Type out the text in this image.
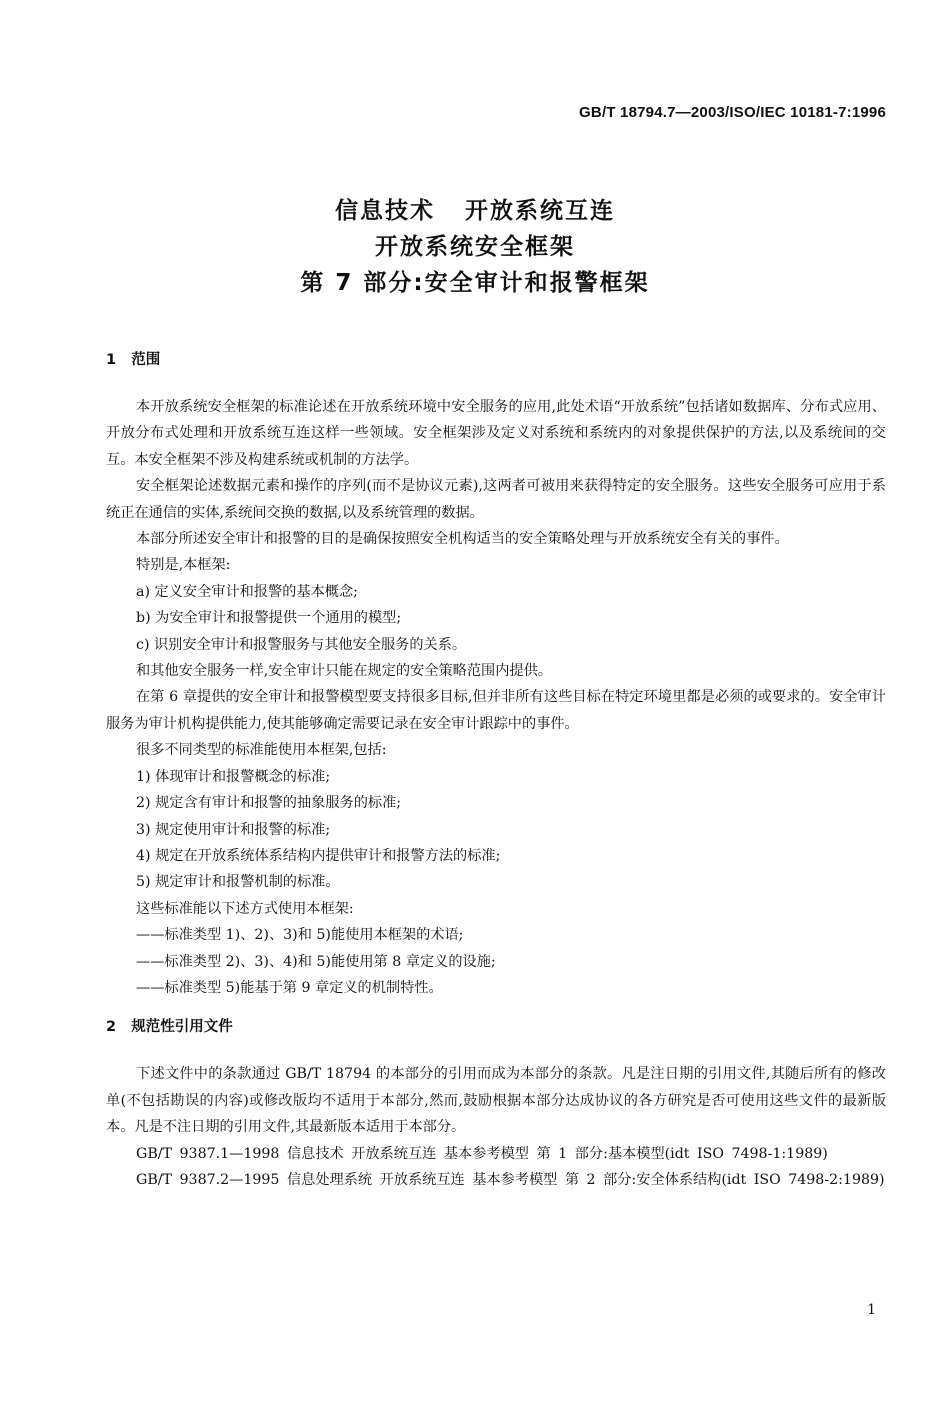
GB/T 18794.7—2003/ISO/IEC 10181-7:1996
信息技术   开放系统互连
开放系统安全框架
第 7 部分:安全审计和报警框架
1   范围
本开放系统安全框架的标准论述在开放系统环境中安全服务的应用,此处术语“开放系统”包括诸如数据库、分布式应用、开放分布式处理和开放系统互连这样一些领域。安全框架涉及定义对系统和系统内的对象提供保护的方法,以及系统间的交互。本安全框架不涉及构建系统或机制的方法学。
安全框架论述数据元素和操作的序列(而不是协议元素),这两者可被用来获得特定的安全服务。这些安全服务可应用于系统正在通信的实体,系统间交换的数据,以及系统管理的数据。
本部分所述安全审计和报警的目的是确保按照安全机构适当的安全策略处理与开放系统安全有关的事件。
特别是,本框架:
a) 定义安全审计和报警的基本概念;
b) 为安全审计和报警提供一个通用的模型;
c) 识别安全审计和报警服务与其他安全服务的关系。
和其他安全服务一样,安全审计只能在规定的安全策略范围内提供。
在第 6 章提供的安全审计和报警模型要支持很多目标,但并非所有这些目标在特定环境里都是必须的或要求的。安全审计服务为审计机构提供能力,使其能够确定需要记录在安全审计跟踪中的事件。
很多不同类型的标准能使用本框架,包括:
1) 体现审计和报警概念的标准;
2) 规定含有审计和报警的抽象服务的标准;
3) 规定使用审计和报警的标准;
4) 规定在开放系统体系结构内提供审计和报警方法的标准;
5) 规定审计和报警机制的标准。
这些标准能以下述方式使用本框架:
——标准类型 1)、2)、3)和 5)能使用本框架的术语;
——标准类型 2)、3)、4)和 5)能使用第 8 章定义的设施;
——标准类型 5)能基于第 9 章定义的机制特性。
2   规范性引用文件
下述文件中的条款通过 GB/T 18794 的本部分的引用而成为本部分的条款。凡是注日期的引用文件,其随后所有的修改单(不包括勘误的内容)或修改版均不适用于本部分,然而,鼓励根据本部分达成协议的各方研究是否可使用这些文件的最新版本。凡是不注日期的引用文件,其最新版本适用于本部分。
GB/T 9387.1—1998 信息技术 开放系统互连 基本参考模型 第 1 部分:基本模型(idt ISO 7498-1:1989)
GB/T 9387.2—1995 信息处理系统 开放系统互连 基本参考模型 第 2 部分:安全体系结构(idt ISO 7498-2:1989)
1
